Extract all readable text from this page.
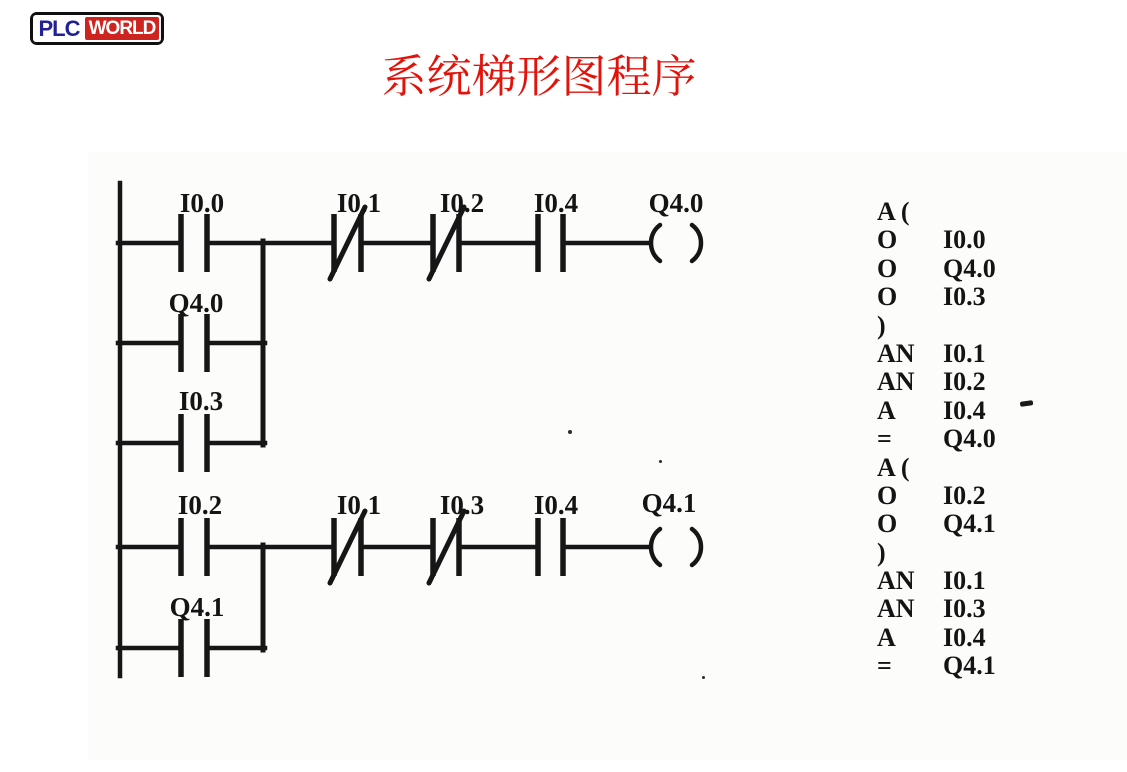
PLC WORLD
系统梯形图程序
I0.0	I0.1 I0.2 I0.4	Q4.0
Q4.0
I0.3
I0.2	I0.1 I0.3 I0.4 Q4.1
Q4.1
A (
O I0.0
O Q4.0
O I0.3
)
AN I0.1
AN I0.2
A I0.4
= Q4.0
A (
O I0.2
O Q4.1
)
AN I0.1
AN I0.3
A I0.4
= Q4.1
